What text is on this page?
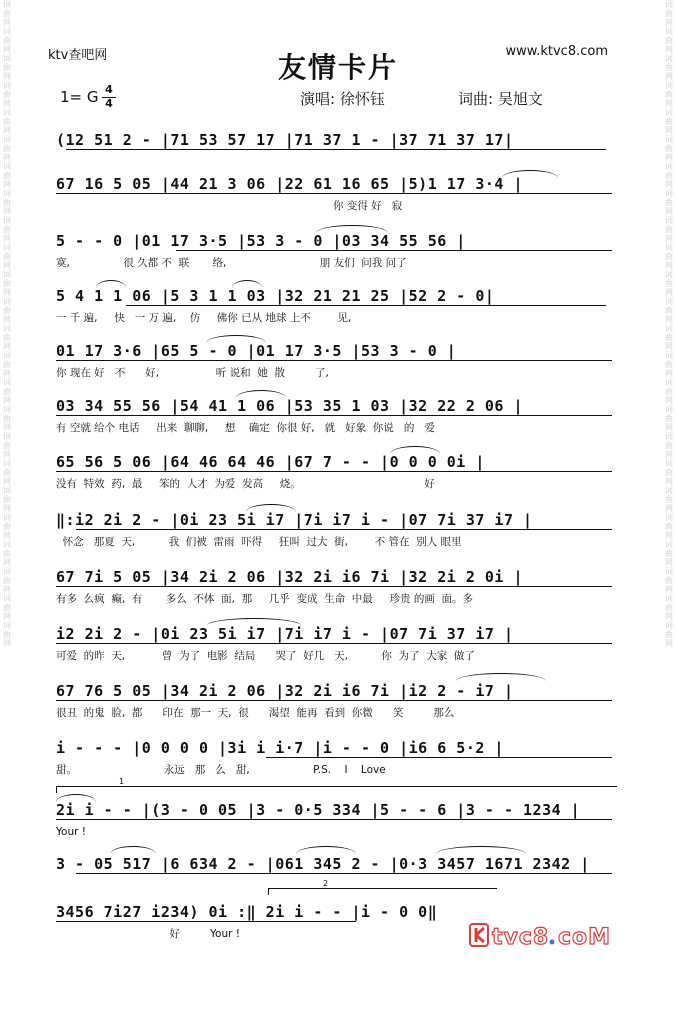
词曲网词曲网词曲网词曲网词曲网词曲网词曲网词曲网词曲网词曲网词曲网词曲网词曲网词曲网词曲网词曲网词曲网词曲网词曲网词曲网词曲网词曲网词曲网词曲网
词曲网词曲网词曲网词曲网词曲网词曲网词曲网词曲网词曲网词曲网词曲网词曲网词曲网词曲网词曲网词曲网词曲网词曲网词曲网词曲网词曲网词曲网词曲网词曲网
ktv查吧网	www.ktvc8.com
友情卡片
1= G 4
4	演唱: 徐怀钰	词曲: 吴旭文
(12 51 2 - |71 53 57 17 |71 37 1 - |37 71 37 17|
67 16 5 05 |44 21 3 06 |22 61 16 65 |5)1 17 3·4 |
你 变得 好   寂
5 - - 0 |01 17 3·5 |53 3 - 0 |03 34 55 56 |
寞,                很 久都 不  联       络,                            朋 友们  问我 问了
5 4 1 1 06 |5 3 1 1 03 |32 21 21 25 |52 2 - 0|
一 千 遍,     快   一 万 遍,    仿     佛你 已从 地球 上不        见,
01 17 3·6 |65 5 - 0 |01 17 3·5 |53 3 - 0 |
你 现在 好   不      好,                 听 说和  她  散         了,
03 34 55 56 |54 41 1 06 |53 35 1 03 |32 22 2 06 |
有 空就 给个 电话     出来  聊聊,     想    确定  你很 好,   就   好象  你说   的   爱
65 56 5 06 |64 46 64 46 |67 7 - - |0 0 0 0i |
没有  特效  药,  最     笨的  人才  为爱  发高     烧。                                     好
‖:i2 2i 2 - |0i 23 5i i7 |7i i7 i - |07 7i 37 i7 |
怀念   那夏  天,          我  们被  雷雨  吓得     狂叫  过大  街,        不 管在  别人 眼里
67 7i 5 05 |34 2i 2 06 |32 2i i6 7i |32 2i 2 0i |
有多  么疯  癫,  有       多么  不体  面,  那     几乎  变成  生命  中最     珍贵 的画  面。多
i2 2i 2 - |0i 23 5i i7 |7i i7 i - |07 7i 37 i7 |
可爱  的昨  天,           曾  为了  电影  结局      哭了  好几   天,          你  为了  大家  做了
67 76 5 05 |34 2i 2 06 |32 2i i6 7i |i2 2 - i7 |
很丑  的鬼  脸,  都      印在  那一  天,  很      渴望  能再  看到  你微      笑         那么
i - - - |0 0 0 0 |3i i i·7 |i - - 0 |i6 6 5·2 |
甜。                          永远   那   么   甜,                   P.S.    I    Love
1
2i i - - |(3 - 0 05 |3 - 0·5 334 |5 - - 6 |3 - - 1234 |
Your !
3 - 05 517 |6 634 2 - |061 345 2 - |0·3 3457 1671 2342 |
2
3456 7i27 i234) 0i :‖ 2i i - - |i - 0 0‖
好         Your !	tvc8 coM
